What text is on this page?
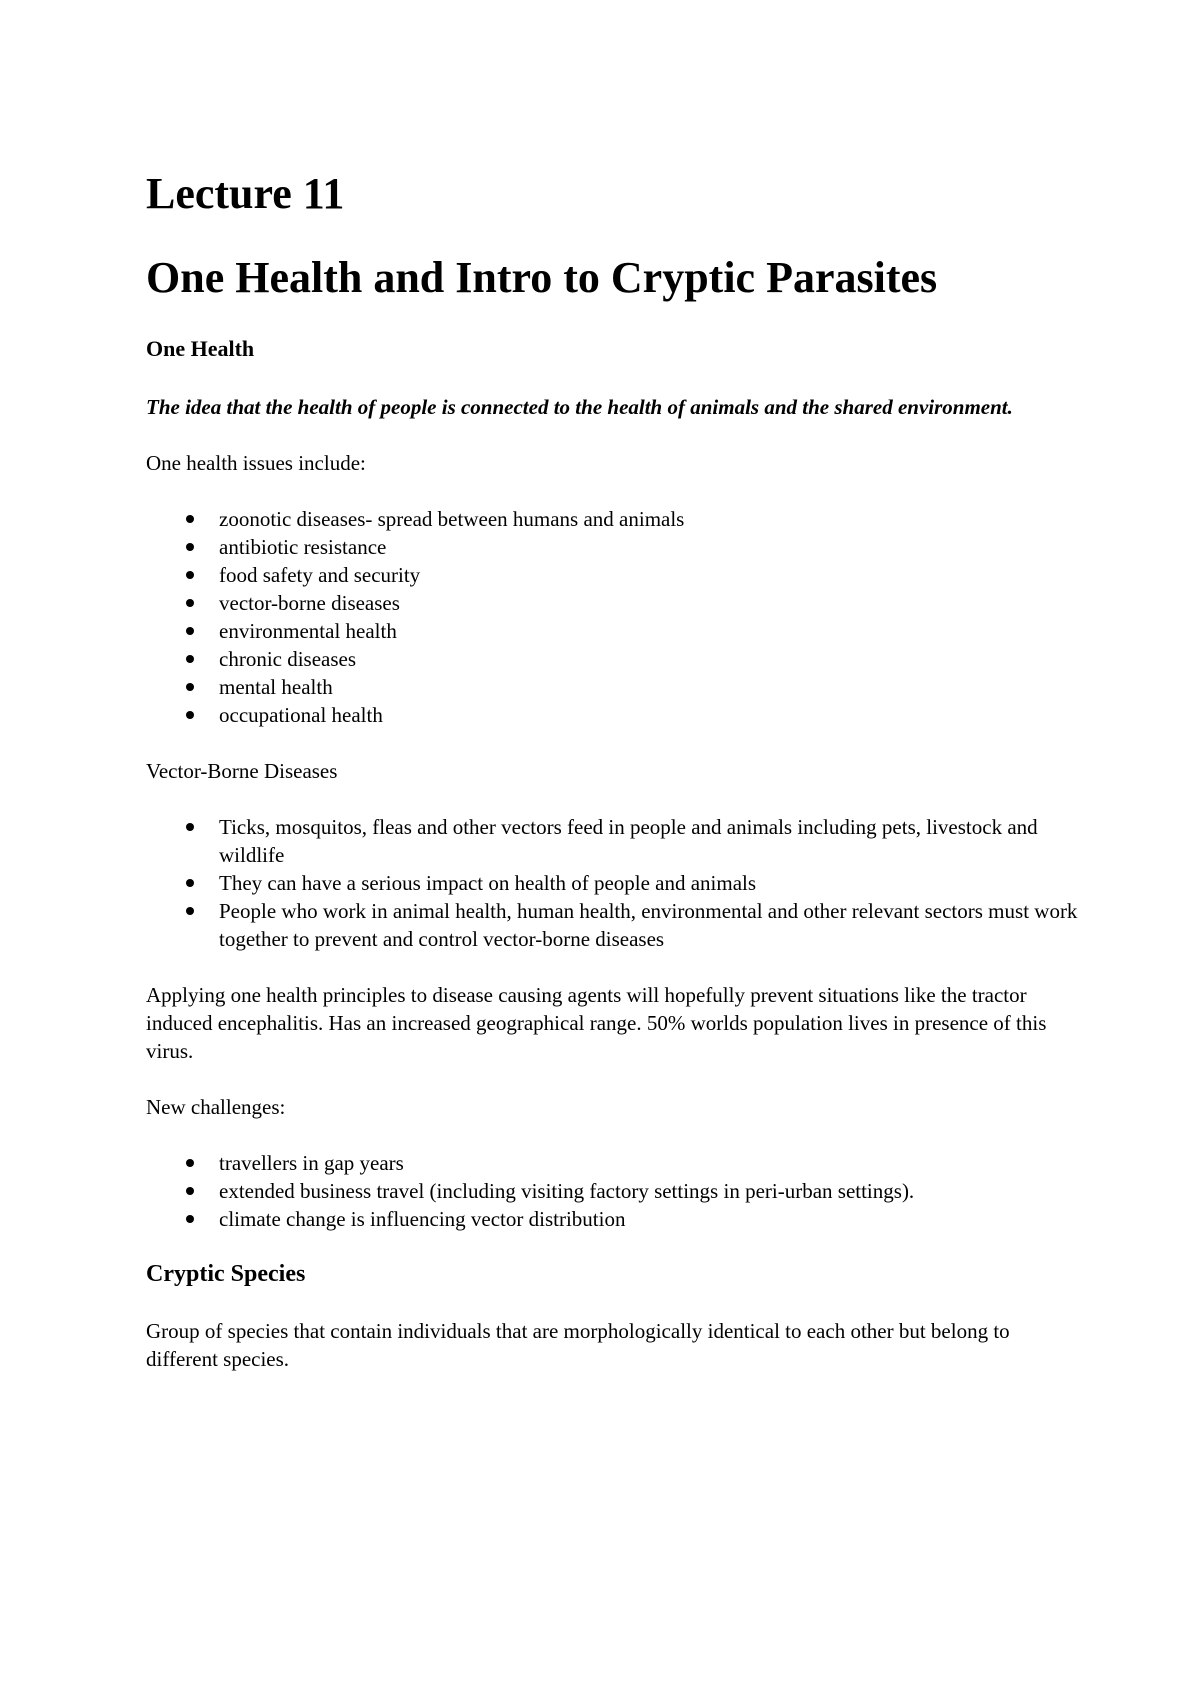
Lecture 11
One Health and Intro to Cryptic Parasites
One Health

The idea that the health of people is connected to the health of animals and the shared environment.

One health issues include:

zoonotic diseases- spread between humans and animals
antibiotic resistance
food safety and security
vector-borne diseases
environmental health
chronic diseases
mental health
occupational health

Vector-Borne Diseases

Ticks, mosquitos, fleas and other vectors feed in people and animals including pets, livestock and wildlife
They can have a serious impact on health of people and animals
People who work in animal health, human health, environmental and other relevant sectors must work together to prevent and control vector-borne diseases

Applying one health principles to disease causing agents will hopefully prevent situations like the tractor induced encephalitis. Has an increased geographical range. 50% worlds population lives in presence of this virus.

New challenges:

travellers in gap years
extended business travel (including visiting factory settings in peri-urban settings).
climate change is influencing vector distribution
Cryptic Species

Group of species that contain individuals that are morphologically identical to each other but belong to different species.
